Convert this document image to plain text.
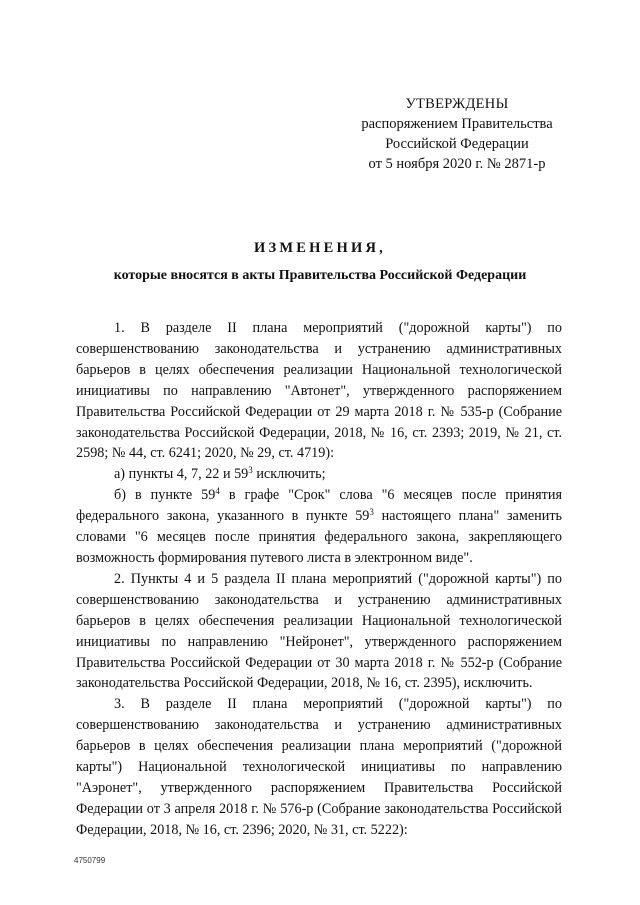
УТВЕРЖДЕНЫ
распоряжением Правительства
Российской Федерации
от 5 ноября 2020 г. № 2871-р
ИЗМЕНЕНИЯ,
которые вносятся в акты Правительства Российской Федерации

1. В разделе II плана мероприятий ("дорожной карты") по совершенствованию законодательства и устранению административных барьеров в целях обеспечения реализации Национальной технологической инициативы по направлению "Автонет", утвержденного распоряжением Правительства Российской Федерации от 29 марта 2018 г. № 535-р (Собрание законодательства Российской Федерации, 2018, № 16, ст. 2393; 2019, № 21, ст. 2598; № 44, ст. 6241; 2020, № 29, ст. 4719):

а) пункты 4, 7, 22 и $59^3$ исключить;

б) в пункте $59^4$ в графе "Срок" слова "6 месяцев после принятия федерального закона, указанного в пункте $59^3$ настоящего плана" заменить словами "6 месяцев после принятия федерального закона, закрепляющего возможность формирования путевого листа в электронном виде".

2. Пункты 4 и 5 раздела II плана мероприятий ("дорожной карты") по совершенствованию законодательства и устранению административных барьеров в целях обеспечения реализации Национальной технологической инициативы по направлению "Нейронет", утвержденного распоряжением Правительства Российской Федерации от 30 марта 2018 г. № 552-р (Собрание законодательства Российской Федерации, 2018, № 16, ст. 2395), исключить.

3. В разделе II плана мероприятий ("дорожной карты") по совершенствованию законодательства и устранению административных барьеров в целях обеспечения реализации плана мероприятий ("дорожной карты") Национальной технологической инициативы по направлению "Аэронет", утвержденного распоряжением Правительства Российской Федерации от 3 апреля 2018 г. № 576-р (Собрание законодательства Российской Федерации, 2018, № 16, ст. 2396; 2020, № 31, ст. 5222):

4750799
